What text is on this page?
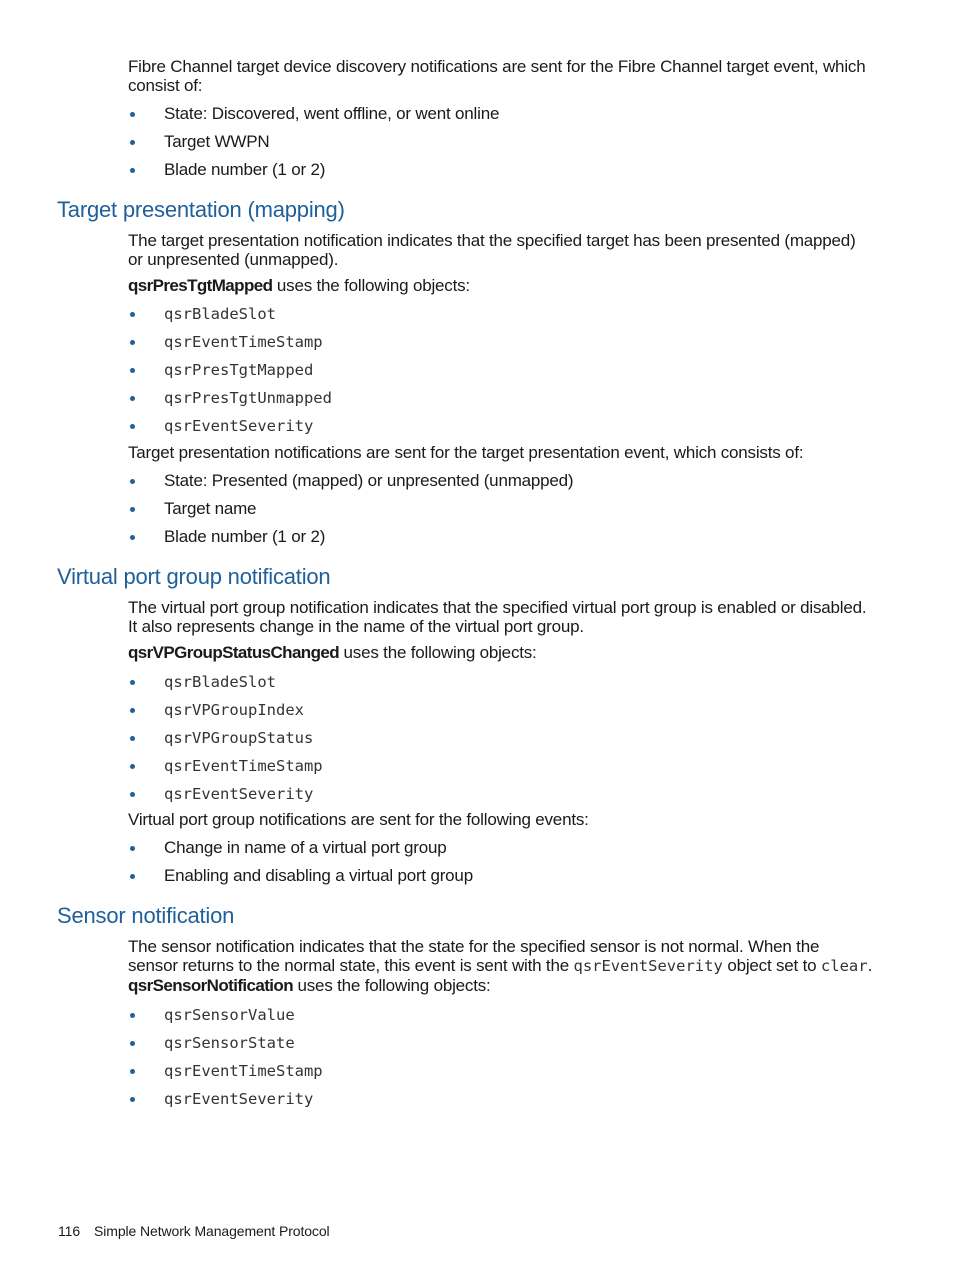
Fibre Channel target device discovery notifications are sent for the Fibre Channel target event, which consist of:

State: Discovered, went offline, or went online
Target WWPN
Blade number (1 or 2)
Target presentation (mapping)

The target presentation notification indicates that the specified target has been presented (mapped) or unpresented (unmapped).

qsrPresTgtMapped uses the following objects:

qsrBladeSlot
qsrEventTimeStamp
qsrPresTgtMapped
qsrPresTgtUnmapped
qsrEventSeverity

Target presentation notifications are sent for the target presentation event, which consists of:

State: Presented (mapped) or unpresented (unmapped)
Target name
Blade number (1 or 2)
Virtual port group notification

The virtual port group notification indicates that the specified virtual port group is enabled or disabled. It also represents change in the name of the virtual port group.

qsrVPGroupStatusChanged uses the following objects:

qsrBladeSlot
qsrVPGroupIndex
qsrVPGroupStatus
qsrEventTimeStamp
qsrEventSeverity

Virtual port group notifications are sent for the following events:

Change in name of a virtual port group
Enabling and disabling a virtual port group
Sensor notification

The sensor notification indicates that the state for the specified sensor is not normal. When the sensor returns to the normal state, this event is sent with the qsrEventSeverity object set to clear. qsrSensorNotification uses the following objects:

qsrSensorValue
qsrSensorState
qsrEventTimeStamp
qsrEventSeverity
116 Simple Network Management Protocol
